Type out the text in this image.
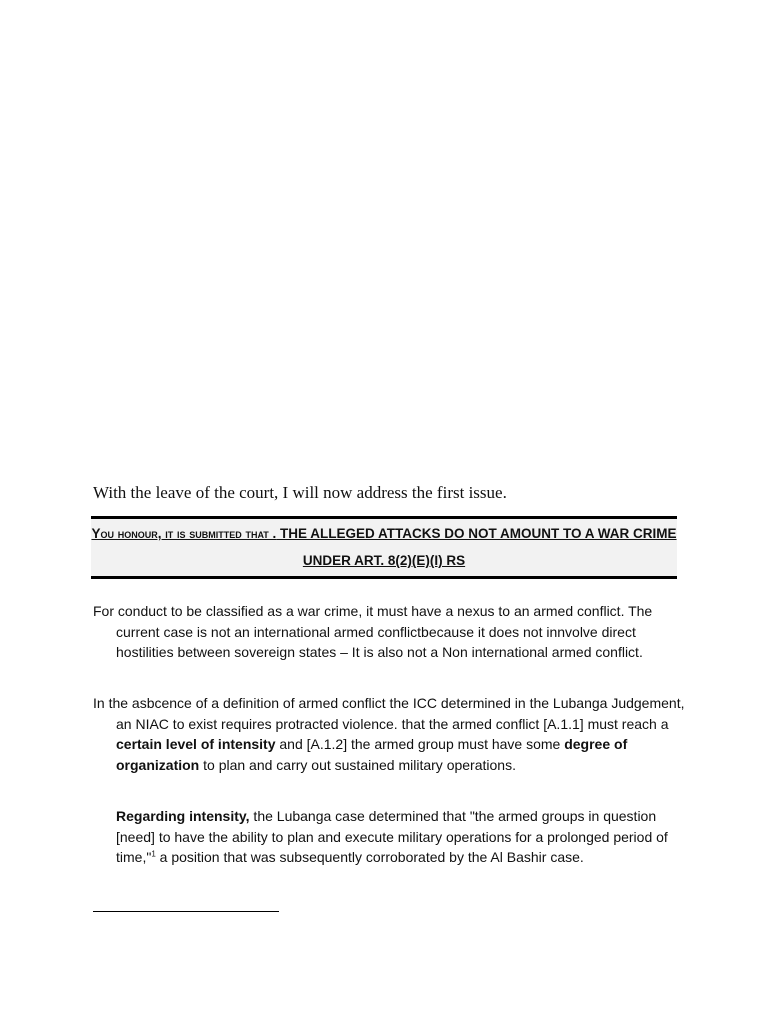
With the leave of the court, I will now address the first issue.
You honour, it is submitted that . THE ALLEGED ATTACKS DO NOT AMOUNT TO A WAR CRIME UNDER ART. 8(2)(E)(I) RS

For conduct to be classified as a war crime, it must have a nexus to an armed conflict. The current case is not an international armed conflictbecause it does not innvolve direct hostilities between sovereign states – It is also not a Non international armed conflict.

In the asbcence of a definition of armed conflict the ICC determined in the Lubanga Judgement, an NIAC to exist requires protracted violence. that the armed conflict [A.1.1] must reach a certain level of intensity and [A.1.2] the armed group must have some degree of organization to plan and carry out sustained military operations.

Regarding intensity, the Lubanga case determined that "the armed groups in question [need] to have the ability to plan and execute military operations for a prolonged period of time,"$^1$ a position that was subsequently corroborated by the Al Bashir case.
